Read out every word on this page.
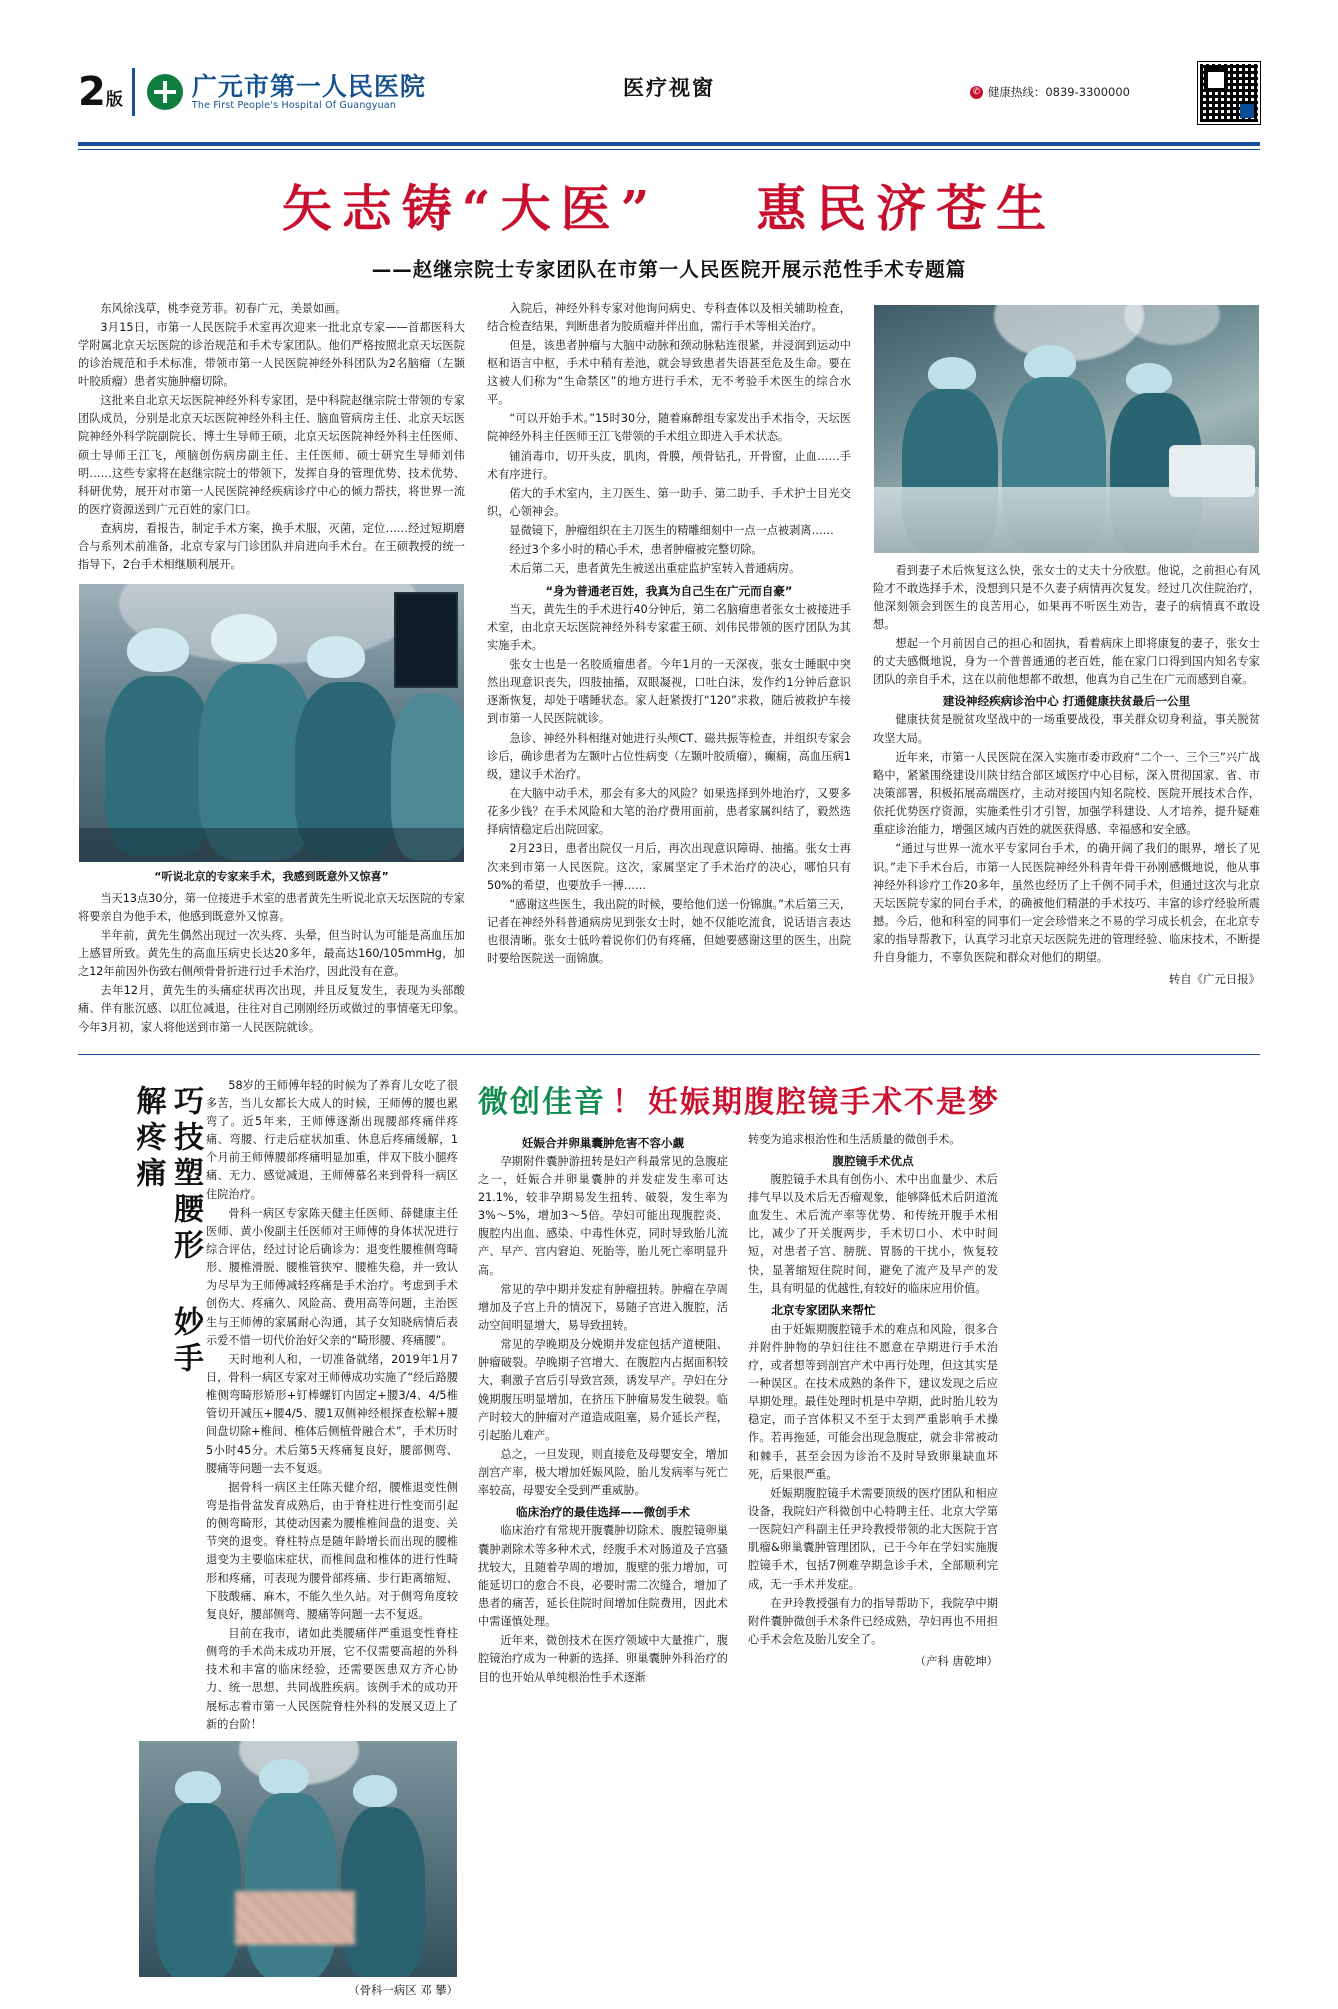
2 版	广元市第一人民医院
The First People's Hospital Of Guangyuan
医疗视窗	✆ 健康热线：0839-3300000
矢志铸“大医” 惠民济苍生
——赵继宗院士专家团队在市第一人民医院开展示范性手术专题篇

东风徐浅草，桃李竞芳菲。初春广元，美景如画。

3月15日，市第一人民医院手术室再次迎来一批北京专家——首都医科大学附属北京天坛医院的诊治规范和手术专家团队。他们严格按照北京天坛医院的诊治规范和手术标准，带领市第一人民医院神经外科团队为2名脑瘤（左颞叶胶质瘤）患者实施肿瘤切除。

这批来自北京天坛医院神经外科专家团，是中科院赵继宗院士带领的专家团队成员，分别是北京天坛医院神经外科主任、脑血管病房主任、北京天坛医院神经外科学院副院长、博士生导师王硕，北京天坛医院神经外科主任医师、硕士导师王江飞，颅脑创伤病房副主任、主任医师、硕士研究生导师刘伟明……这些专家将在赵继宗院士的带领下，发挥自身的管理优势、技术优势、科研优势，展开对市第一人民医院神经疾病诊疗中心的倾力帮扶，将世界一流的医疗资源送到广元百姓的家门口。

查病房，看报告，制定手术方案，换手术服，灭菌，定位……经过短期磨合与系列术前准备，北京专家与门诊团队并肩进向手术台。在王硕教授的统一指导下，2台手术相继顺利展开。

“听说北京的专家来手术，我感到既意外又惊喜”

当天13点30分，第一位接进手术室的患者黄先生听说北京天坛医院的专家将要亲自为他手术，他感到既意外又惊喜。

半年前，黄先生偶然出现过一次头疼、头晕，但当时认为可能是高血压加上感冒所致。黄先生的高血压病史长达20多年，最高达160/105mmHg，加之12年前因外伤致右侧颅骨骨折进行过手术治疗，因此没有在意。

去年12月，黄先生的头痛症状再次出现，并且反复发生，表现为头部酸痛、伴有胀沉感、以肛位减退，往往对自己刚刚经历或做过的事情毫无印象。今年3月初，家人将他送到市第一人民医院就诊。

入院后，神经外科专家对他询问病史、专科查体以及相关辅助检查，结合检查结果，判断患者为胶质瘤并伴出血，需行手术等相关治疗。

但是，该患者肿瘤与大脑中动脉和颈动脉粘连很紧，并浸润到运动中枢和语言中枢，手术中稍有差池，就会导致患者失语甚至危及生命。要在这被人们称为“生命禁区”的地方进行手术，无不考验手术医生的综合水平。

“可以开始手术。”15时30分，随着麻醉组专家发出手术指令，天坛医院神经外科主任医师王江飞带领的手术组立即进入手术状态。

铺消毒巾，切开头皮，肌肉，骨膜，颅骨钻孔，开骨窗，止血……手术有序进行。

偌大的手术室内，主刀医生、第一助手、第二助手、手术护士目光交织，心领神会。

显微镜下，肿瘤组织在主刀医生的精雕细刻中一点一点被剥离……

经过3个多小时的精心手术，患者肿瘤被完整切除。

术后第二天，患者黄先生被送出重症监护室转入普通病房。

“身为普通老百姓，我真为自己生在广元而自豪”

当天，黄先生的手术进行40分钟后，第二名脑瘤患者张女士被接进手术室，由北京天坛医院神经外科专家霍王硕、刘伟民带领的医疗团队为其实施手术。

张女士也是一名胶质瘤患者。今年1月的一天深夜，张女士睡眠中突然出现意识丧失，四肢抽搐，双眼凝视，口吐白沫，发作约1分钟后意识逐渐恢复，却处于嗜睡状态。家人赶紧拨打“120”求救，随后被救护车接到市第一人民医院就诊。

急诊、神经外科相继对她进行头颅CT、磁共振等检查，并组织专家会诊后，确诊患者为左颞叶占位性病变（左颞叶胶质瘤），癫痫，高血压病1级，建议手术治疗。

在大脑中动手术，那会有多大的风险？如果选择到外地治疗，又要多花多少钱？在手术风险和大笔的治疗费用面前，患者家属纠结了，毅然选择病情稳定后出院回家。

2月23日，患者出院仅一月后，再次出现意识障碍、抽搐。张女士再次来到市第一人民医院。这次，家属坚定了手术治疗的决心，哪怕只有50%的希望，也要放手一搏……

“感谢这些医生，我出院的时候，要给他们送一份锦旗。”术后第三天，记者在神经外科普通病房见到张女士时，她不仅能吃流食，说话语言表达也很清晰。张女士低吟着说你们仍有疼痛，但她要感谢这里的医生，出院时要给医院送一面锦旗。

看到妻子术后恢复这么快，张女士的丈夫十分欣慰。他说，之前担心有风险才不敢选择手术，没想到只是不久妻子病情再次复发。经过几次住院治疗，他深刻领会到医生的良苦用心，如果再不听医生劝告，妻子的病情真不敢设想。

想起一个月前因自己的担心和固执，看着病床上即将康复的妻子，张女士的丈夫感慨地说，身为一个普普通通的老百姓，能在家门口得到国内知名专家团队的亲自手术，这在以前他想都不敢想，他真为自己生在广元而感到自豪。

建设神经疾病诊治中心 打通健康扶贫最后一公里

健康扶贫是脱贫攻坚战中的一场重要战役，事关群众切身利益，事关脱贫攻坚大局。

近年来，市第一人民医院在深入实施市委市政府“二个一、三个三”兴广战略中，紧紧围绕建设川陕甘结合部区域医疗中心目标，深入贯彻国家、省、市决策部署，积极拓展高端医疗，主动对接国内知名院校、医院开展技术合作，依托优势医疗资源，实施柔性引才引智，加强学科建设、人才培养，提升疑难重症诊治能力，增强区域内百姓的就医获得感、幸福感和安全感。

“通过与世界一流水平专家同台手术，的确开阔了我们的眼界，增长了见识。”走下手术台后，市第一人民医院神经外科青年骨干孙刚感慨地说，他从事神经外科诊疗工作20多年，虽然也经历了上千例不同手术，但通过这次与北京天坛医院专家的同台手术，的确被他们精湛的手术技巧、丰富的诊疗经验所震撼。今后，他和科室的同事们一定会珍惜来之不易的学习成长机会，在北京专家的指导帮教下，认真学习北京天坛医院先进的管理经验、临床技术，不断提升自身能力，不辜负医院和群众对他们的期望。

转自《广元日报》

巧技塑腰形 妙手解疼痛	58岁的王师傅年轻的时候为了养育儿女吃了很多苦，当儿女都长大成人的时候，王师傅的腰也累弯了。近5年来，王师傅逐渐出现腰部疼痛伴疼痛、弯腰、行走后症状加重、休息后疼痛缓解，1个月前王师傅腰部疼痛明显加重，伴双下肢小腿疼痛、无力、感觉减退，王师傅慕名来到骨科一病区住院治疗。

骨科一病区专家陈天健主任医师、薛健康主任医师、黄小俊副主任医师对王师傅的身体状况进行综合评估，经过讨论后确诊为：退变性腰椎侧弯畸形、腰椎滑脱、腰椎管狭窄、腰椎失稳，并一致认为尽早为王师傅减轻疼痛是手术治疗。考虑到手术创伤大、疼痛久、风险高、费用高等问题，主治医生与王师傅的家属耐心沟通，其子女知晓病情后表示爱不惜一切代价治好父亲的“畸形腰、疼痛腰”。

天时地利人和，一切准备就绪，2019年1月7日，骨科一病区专家对王师傅成功实施了“经后路腰椎侧弯畸形矫形+钉棒螺钉内固定+腰3/4、4/5椎管切开减压+腰4/5、腰1双侧神经根探查松解+腰间盘切除+椎间、椎体后侧植骨融合术”，手术历时5小时45分。术后第5天疼痛复良好，腰部侧弯、腰痛等问题一去不复返。

据骨科一病区主任陈天健介绍，腰椎退变性侧弯是指骨盆发育成熟后，由于脊柱进行性变而引起的侧弯畸形，其使动因素为腰椎椎间盘的退变、关节突的退变。脊柱特点是随年龄增长而出现的腰椎退变为主要临床症状，而椎间盘和椎体的进行性畸形和疼痛，可表现为腰骨部疼痛、步行距离缩短、下肢酸痛、麻木，不能久坐久站。对于侧弯角度较复良好，腰部侧弯、腰痛等问题一去不复返。

目前在我市，诸如此类腰痛伴严重退变性脊柱侧弯的手术尚未成功开展，它不仅需要高超的外科技术和丰富的临床经验，还需要医患双方齐心协力、统一思想、共同战胜疾病。该例手术的成功开展标志着市第一人民医院脊柱外科的发展又迈上了新的台阶！

（骨科一病区 邓 攀）

微创佳音 ！ 妊娠期腹腔镜手术不是梦

妊娠合并卵巢囊肿危害不容小觑

孕期附件囊肿游扭转是妇产科最常见的急腹症之一，妊娠合并卵巢囊肿的并发症发生率可达21.1%，较非孕期易发生扭转、破裂，发生率为3%～5%，增加3～5倍。孕妇可能出现腹腔炎、腹腔内出血、感染、中毒性休克，同时导致胎儿流产、早产、宫内窘迫、死胎等，胎儿死亡率明显升高。

常见的孕中期并发症有肿瘤扭转。肿瘤在孕周增加及子宫上升的情况下，易随子宫进入腹腔，活动空间明显增大，易导致扭转。

常见的孕晚期及分娩期并发症包括产道梗阻、肿瘤破裂。孕晚期子宫增大、在腹腔内占据面积较大，剩激子宫后引导致宫颈，诱发早产。孕妇在分娩期腹压明显增加，在挤压下肿瘤易发生破裂。临产时较大的肿瘤对产道造成阻塞，易介延长产程，引起胎儿难产。

总之，一旦发现，则直接危及母婴安全，增加剖宫产率，极大增加妊娠风险，胎儿发病率与死亡率较高，母婴安全受到严重威胁。

临床治疗的最佳选择——微创手术

临床治疗有常规开腹囊肿切除术、腹腔镜卵巢囊肿剥除术等多种术式，经腹手术对肠道及子宫骚扰较大，且随着孕周的增加，腹壁的张力增加，可能延切口的愈合不良，必要时需二次缝合，增加了患者的痛苦，延长住院时间增加住院费用，因此术中需谨慎处理。

近年来，微创技术在医疗领域中大量推广，腹腔镜治疗成为一种新的选择、卵巢囊肿外科治疗的目的也开始从单纯根治性手术逐渐

转变为追求根治性和生活质量的微创手术。

腹腔镜手术优点

腹腔镜手术具有创伤小、术中出血量少、术后排气早以及术后无否瘤观象，能够降低术后阴道流血发生、术后流产率等优势、和传统开腹手术相比，减少了开关腹两步，手术切口小、术中时间短，对患者子宫、膀胱、胃肠的干扰小，恢复较快，显著缩短住院时间，避免了流产及早产的发生，具有明显的优越性,有较好的临床应用价值。

北京专家团队来帮忙

由于妊娠期腹腔镜手术的难点和风险，很多合并附件肿物的孕妇往往不愿意在孕期进行手术治疗，或者想等到剖宫产术中再行处理，但这其实是一种误区。在技术成熟的条件下，建议发现之后应早期处理。最佳处理时机是中孕期，此时胎儿较为稳定，而子宫体积又不至于太到严重影响手术操作。若再拖延，可能会出现急腹症，就会非常被动和棘手，甚至会因为诊治不及时导致卵巢缺血坏死，后果很严重。

妊娠期腹腔镜手术需要顶级的医疗团队和相应设备，我院妇产科微创中心特聘主任、北京大学第一医院妇产科副主任尹玲教授带领的北大医院于宫肌瘤&卵巢囊肿管理团队，已于今年在学妇实施腹腔镜手术，包括7例难孕期急诊手术，全部顺利完成，无一手术并发症。

在尹玲教授强有力的指导帮助下，我院孕中期附件囊肿微创手术条件已经成熟，孕妇再也不用担心手术会危及胎儿安全了。

（产科 唐乾坤）
